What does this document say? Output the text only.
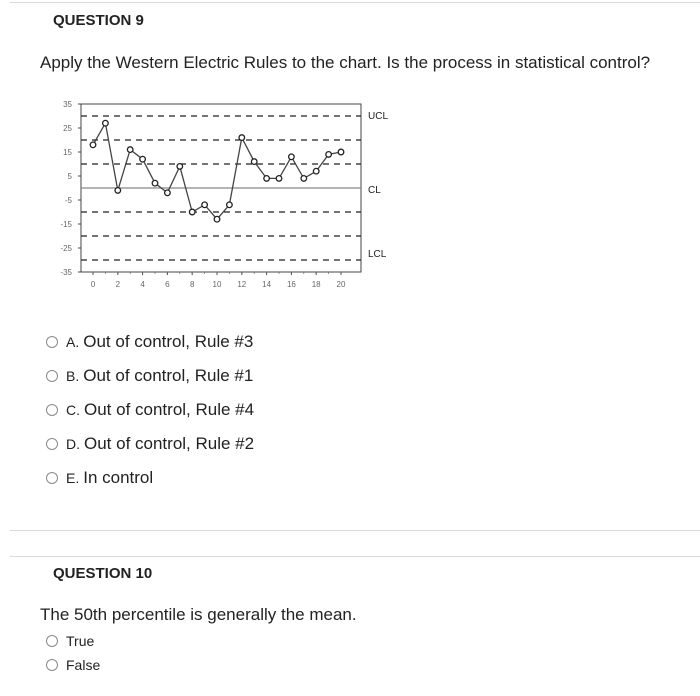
QUESTION 9
Apply the Western Electric Rules to the chart. Is the process in statistical control?
35
25
15
5
-5
-15
-25
-35
0	2	4	6	8 10 12 14 16 18 20
UCL
CL
LCL
A. Out of control, Rule #3
B. Out of control, Rule #1
C. Out of control, Rule #4
D. Out of control, Rule #2
E. In control
QUESTION 10
The 50th percentile is generally the mean.
True
False
